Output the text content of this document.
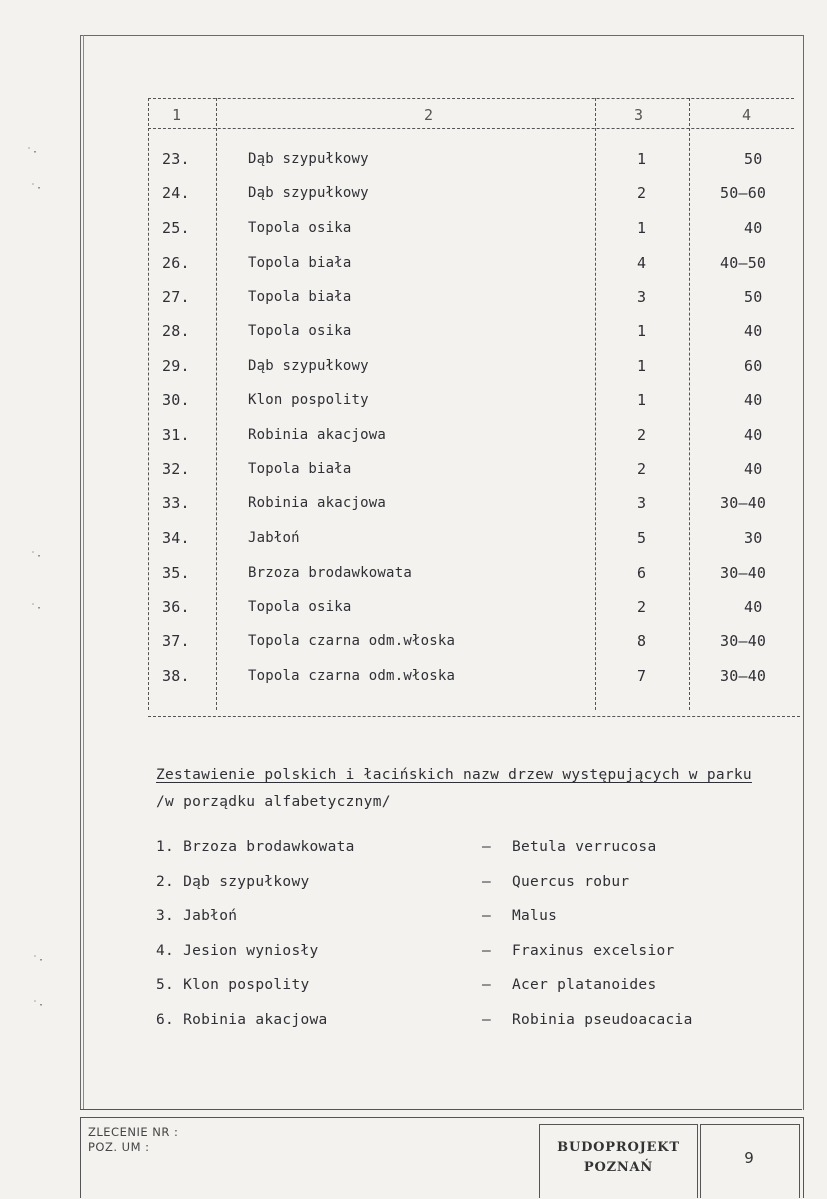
1	2	3	4
23.	Dąb szypułkowy	1	50
24.	Dąb szypułkowy	2	50–60
25.	Topola osika	1	40
26.	Topola biała	4	40–50
27.	Topola biała	3	50
28.	Topola osika	1	40
29.	Dąb szypułkowy	1	60
30.	Klon pospolity	1	40
31.	Robinia akacjowa	2	40
32.	Topola biała	2	40
33.	Robinia akacjowa	3	30–40
34.	Jabłoń	5	30
35.	Brzoza brodawkowata	6	30–40
36.	Topola osika	2	40
37.	Topola czarna odm.włoska	8	30–40
38.	Topola czarna odm.włoska	7	30–40
Zestawienie polskich i łacińskich nazw drzew występujących w parku /w porządku alfabetycznym/
1. Brzoza brodawkowata	– Betula verrucosa
2. Dąb szypułkowy	– Quercus robur
3. Jabłoń	– Malus
4. Jesion wyniosły	– Fraxinus excelsior
5. Klon pospolity	– Acer platanoides
6. Robinia akacjowa	– Robinia pseudoacacia
ZLECENIE NR :
POZ. UM :	BUDOPROJEKT
POZNAŃ
9
˙·
˙·
˙·
˙·
˙·
˙·
